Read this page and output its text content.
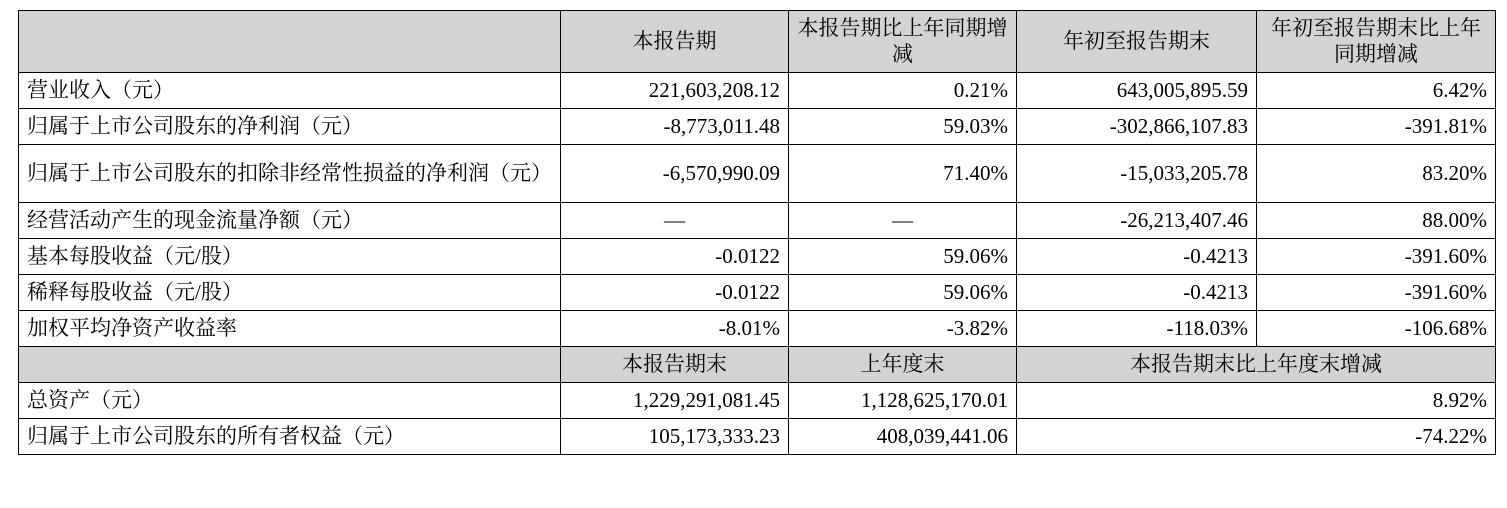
	本报告期	本报告期比上年同期增减	年初至报告期末	年初至报告期末比上年同期增减
营业收入（元）	221,603,208.12	0.21%	643,005,895.59	6.42%
归属于上市公司股东的净利润（元）	-8,773,011.48	59.03%	-302,866,107.83	-391.81%
归属于上市公司股东的扣除非经常性损益的净利润（元）	-6,570,990.09	71.40%	-15,033,205.78	83.20%
经营活动产生的现金流量净额（元）	—	—	-26,213,407.46	88.00%
基本每股收益（元/股）	-0.0122	59.06%	-0.4213	-391.60%
稀释每股收益（元/股）	-0.0122	59.06%	-0.4213	-391.60%
加权平均净资产收益率	-8.01%	-3.82%	-118.03%	-106.68%
	本报告期末	上年度末	本报告期末比上年度末增减	
总资产（元）	1,229,291,081.45	1,128,625,170.01	8.92%	
归属于上市公司股东的所有者权益（元）	105,173,333.23	408,039,441.06	-74.22%	
